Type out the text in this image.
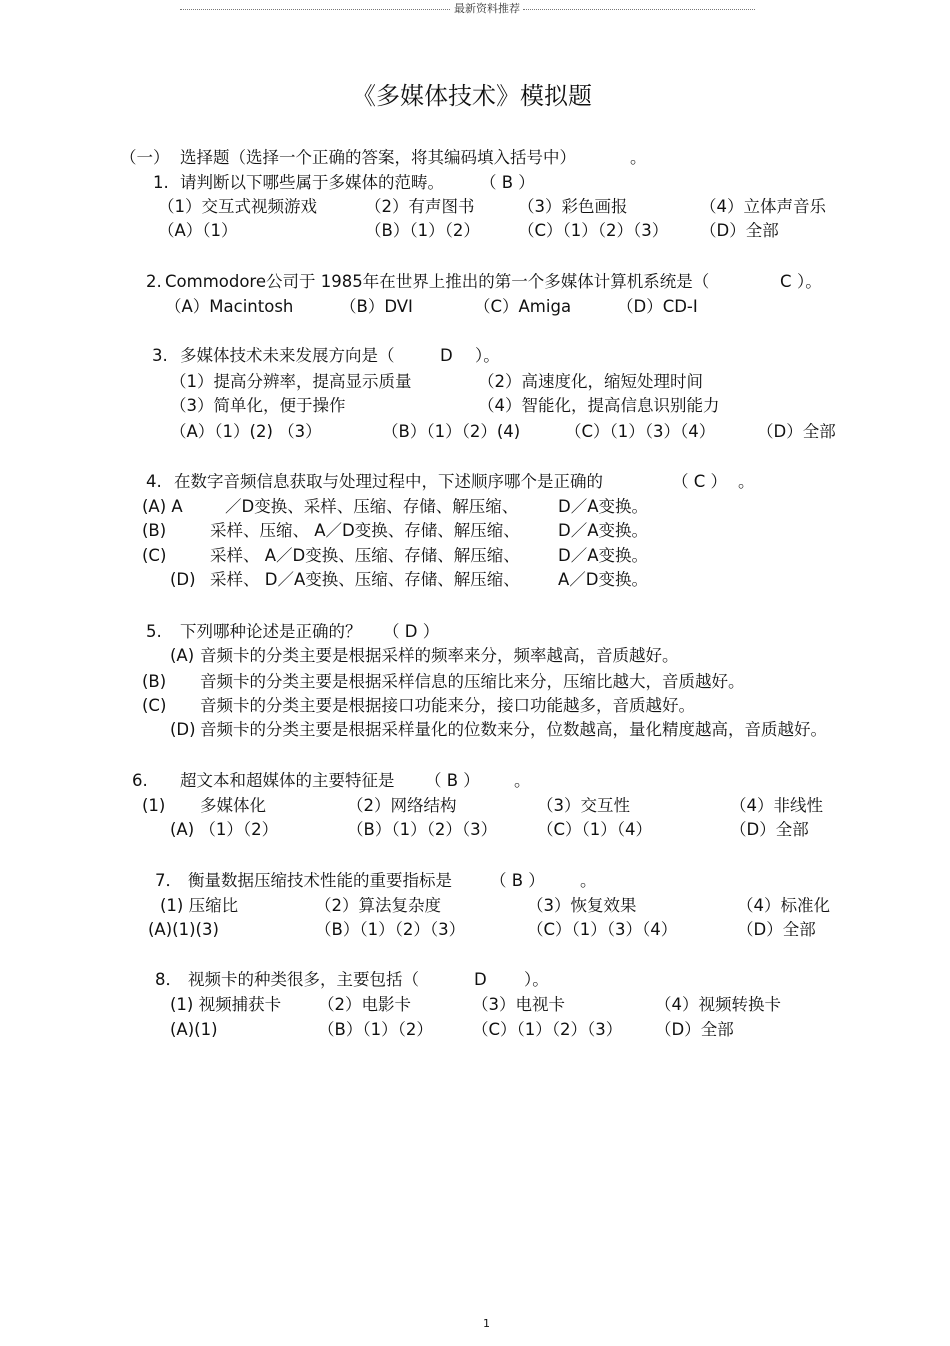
最新资料推荐
《多媒体技术》模拟题
（一） 选择题（选择一个正确的答案，将其编码填入括号中）	。
1. 请判断以下哪些属于多媒体的范畴。 （ B ）
（1）交互式视频游戏	（2）有声图书	（3）彩色画报	（4）立体声音乐
（A）（1）	（B）（1）（2） （C）（1）（2）（3） （D）全部
2. Commodore公司于 1985年在世界上推出的第一个多媒体计算机系统是（	C ）。
（A）Macintosh	（B）DVI	（C）Amiga	（D）CD-I
3. 多媒体技术未来发展方向是（	D ）。
（1）提高分辨率，提高显示质量	（2）高速度化，缩短处理时间
（3）简单化，便于操作	（4）智能化，提高信息识别能力
（A）（1）(2) （3）	（B）（1）（2）(4)	（C）（1）（3）（4）	（D）全部
4. 在数字音频信息获取与处理过程中，下述顺序哪个是正确的	（ C ） 。
(A) A	／D变换、采样、压缩、存储、解压缩、 D／A变换。
(B)	采样、压缩、 A／D变换、存储、解压缩、 D／A变换。
(C)	采样、 A／D变换、压缩、存储、解压缩、 D／A变换。
(D) 采样、 D／A变换、压缩、存储、解压缩、 A／D变换。
5. 下列哪种论述是正确的？ （ D ）
(A) 音频卡的分类主要是根据采样的频率来分，频率越高，音质越好。
(B) 音频卡的分类主要是根据采样信息的压缩比来分，压缩比越大，音质越好。
(C) 音频卡的分类主要是根据接口功能来分，接口功能越多，音质越好。
(D) 音频卡的分类主要是根据采样量化的位数来分，位数越高，量化精度越高，音质越好。
6. 超文本和超媒体的主要特征是 （ B ） 。
(1) 多媒体化	（2）网络结构	（3）交互性	（4）非线性
(A) （1）（2）	（B）（1）（2）（3） （C）（1）（4）	（D）全部
7． 衡量数据压缩技术性能的重要指标是 （ B ） 。
(1) 压缩比	（2）算法复杂度	（3）恢复效果	（4）标准化
(A)(1)(3)	（B）（1）（2）（3）	（C）（1）（3）（4）	（D）全部
8． 视频卡的种类很多，主要包括（	D ）。
(1) 视频捕获卡 （2）电影卡	（3）电视卡	（4）视频转换卡
(A)(1)	（B）（1）（2） （C）（1）（2）（3） （D）全部
1
